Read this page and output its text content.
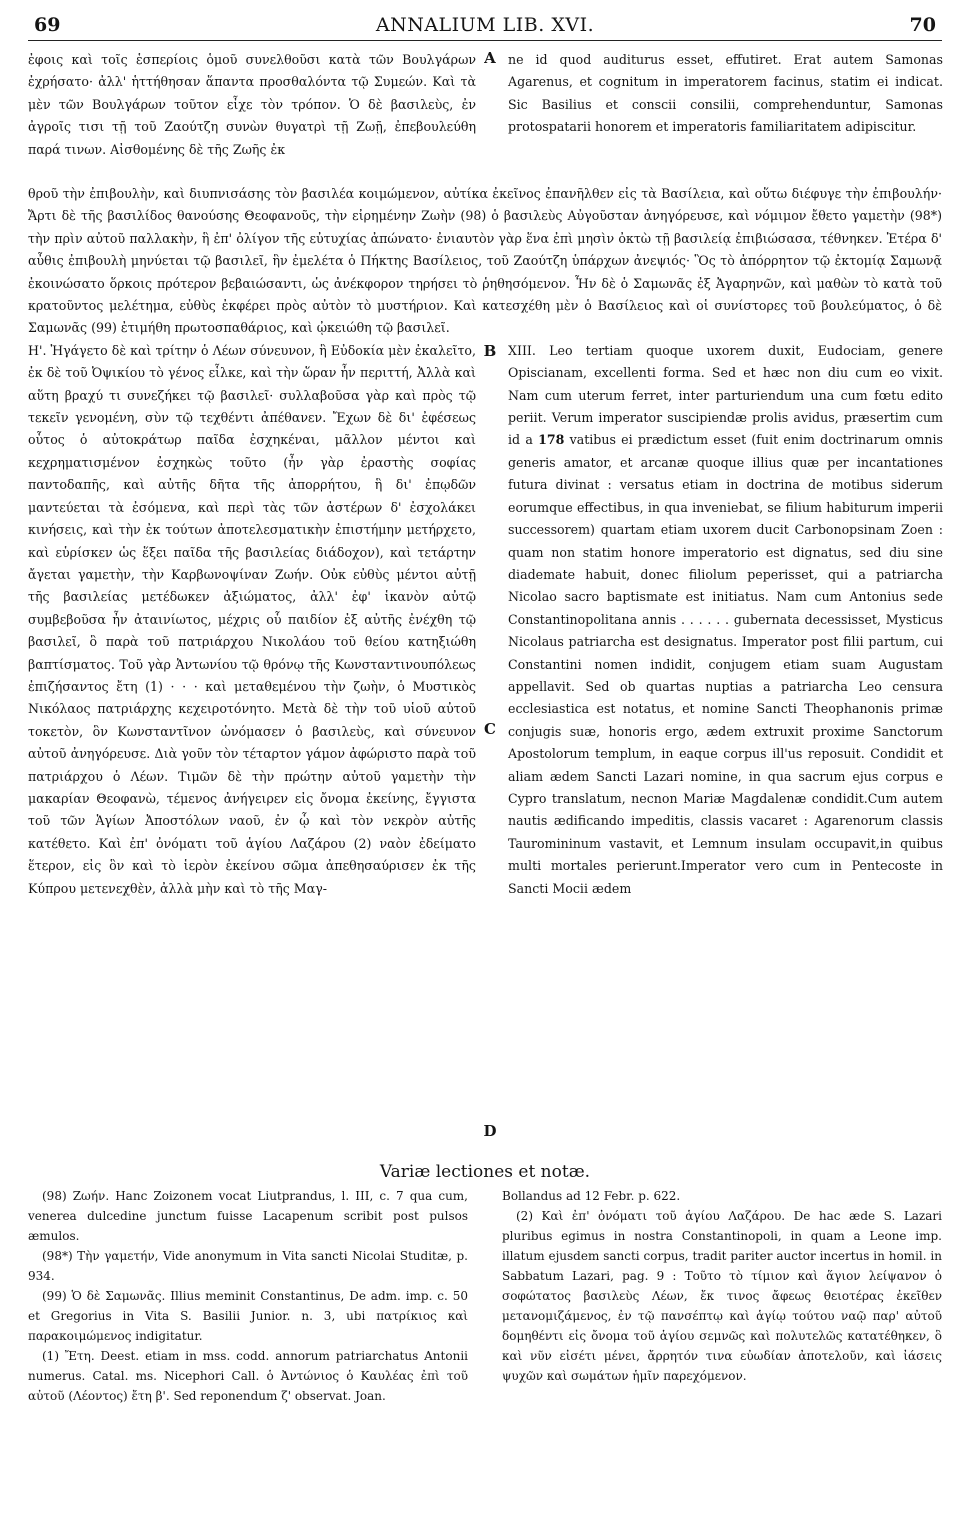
69	ANNALIUM LIB. XVI.	70

ἐφοις καὶ τοῖς ἑσπερίοις ὁμοῦ συνελθοῦσι κατὰ τῶν Βουλγάρων ἐχρήσατο· ἀλλ' ἡττήθησαν ἅπαντα προσθαλόντα τῷ Συμεών. Καὶ τὰ μὲν τῶν Βουλγάρων τοῦτον εἶχε τὸν τρόπον. Ὁ δὲ βασιλεὺς, ἐν ἀγροῖς τισι τῇ τοῦ Ζαούτζη συνὼν θυγατρὶ τῇ Ζωῇ, ἐπεβουλεύθη παρά τινων. Αἰσθομένης δὲ τῆς Ζωῆς ἐκ

A ne id quod auditurus esset, effutiret. Erat autem Samonas Agarenus, et cognitum in imperatorem facinus, statim ei indicat. Sic Basilius et conscii consilii, comprehenduntur, Samonas protospatarii honorem et imperatoris familiaritatem adipiscitur.

θροῦ τὴν ἐπιβουλὴν, καὶ διυπνισάσης τὸν βασιλέα κοιμώμενον, αὐτίκα ἐκεῖνος ἐπανῆλθεν εἰς τὰ Βασίλεια, καὶ οὕτω διέφυγε τὴν ἐπιβουλήν· Ἄρτι δὲ τῆς βασιλίδος θανούσης Θεοφανοῦς, τὴν εἰρημένην Ζωὴν (98) ὁ βασιλεὺς Αὐγοῦσταν ἀνηγόρευσε, καὶ νόμιμον ἔθετο γαμετὴν (98*) τὴν πρὶν αὐτοῦ παλλακὴν, ἣ ἐπ' ὀλίγον τῆς εὐτυχίας ἀπώνατο· ἐνιαυτὸν γὰρ ἕνα ἐπὶ μησὶν ὀκτὼ τῇ βασιλείᾳ ἐπιβιώσασα, τέθνηκεν. Ἑτέρα δ' αὖθις ἐπιβουλὴ μηνύεται τῷ βασιλεῖ, ἣν ἐμελέτα ὁ Πήκτης Βασίλειος, τοῦ Ζαούτζη ὑπάρχων ἀνεψιός· Ὃς τὸ ἀπόρρητον τῷ ἐκτομίᾳ Σαμωνᾷ ἐκοινώσατο ὅρκοις πρότερον βεβαιώσαντι, ὡς ἀνέκφορον τηρήσει τὸ ῥηθησόμενον. Ἦν δὲ ὁ Σαμωνᾶς ἐξ Ἀγαρηνῶν, καὶ μαθὼν τὸ κατὰ τοῦ κρατοῦντος μελέτημα, εὐθὺς ἐκφέρει πρὸς αὐτὸν τὸ μυστήριον. Καὶ κατεσχέθη μὲν ὁ Βασίλειος καὶ οἱ συνίστορες τοῦ βουλεύματος, ὁ δὲ Σαμωνᾶς (99) ἐτιμήθη πρωτοσπαθάριος, καὶ ᾠκειώθη τῷ βασιλεῖ.

Η'. Ἠγάγετο δὲ καὶ τρίτην ὁ Λέων σύνευνον, ἣ Εὐδοκία μὲν ἐκαλεῖτο, ἐκ δὲ τοῦ Ὀψικίου τὸ γένος εἷλκε, καὶ τὴν ὥραν ἦν περιττή, Ἀλλὰ καὶ αὕτη βραχύ τι συνεζήκει τῷ βασιλεῖ· συλλαβοῦσα γὰρ καὶ πρὸς τῷ τεκεῖν γενομένη, σὺν τῷ τεχθέντι ἀπέθανεν. Ἔχων δὲ δι' ἐφέσεως οὗτος ὁ αὐτοκράτωρ παῖδα ἐσχηκέναι, μᾶλλον μέντοι καὶ κεχρηματισμένον ἐσχηκὼς τοῦτο (ἦν γὰρ ἐραστὴς σοφίας παντοδαπῆς, καὶ αὐτῆς δῆτα τῆς ἀπορρήτου, ἣ δι' ἐπῳδῶν μαντεύεται τὰ ἐσόμενα, καὶ περὶ τὰς τῶν ἀστέρων δ' ἐσχολάκει κινήσεις, καὶ τὴν ἐκ τούτων ἀποτελεσματικὴν ἐπιστήμην μετήρχετο, καὶ εὑρίσκεν ὡς ἕξει παῖδα τῆς βασιλείας διάδοχον), καὶ τετάρτην ἄγεται γαμετὴν, τὴν Καρβωνοψίναν Ζωήν. Οὐκ εὐθὺς μέντοι αὐτῇ τῆς βασιλείας μετέδωκεν ἀξιώματος, ἀλλ' ἐφ' ἱκανὸν αὐτῷ συμβεβοῦσα ἦν ἀταινίωτος, μέχρις οὗ παιδίον ἐξ αὐτῆς ἐνέχθη τῷ βασιλεῖ, ὃ παρὰ τοῦ πατριάρχου Νικολάου τοῦ θείου κατηξιώθη βαπτίσματος. Τοῦ γὰρ Ἀντωνίου τῷ θρόνῳ τῆς Κωνσταντινουπόλεως ἐπιζήσαντος ἔτη (1) · · · καὶ μεταθεμένου τὴν ζωὴν, ὁ Μυστικὸς Νικόλαος πατριάρχης κεχειροτόνητο. Μετὰ δὲ τὴν τοῦ υἱοῦ αὐτοῦ τοκετὸν, ὃν Κωνσταντῖνον ὠνόμασεν ὁ βασιλεὺς, καὶ σύνευνον αὐτοῦ ἀνηγόρευσε. Διὰ γοῦν τὸν τέταρτον γάμον ἀφώριστο παρὰ τοῦ πατριάρχου ὁ Λέων. Τιμῶν δὲ τὴν πρώτην αὐτοῦ γαμετὴν τὴν μακαρίαν Θεοφανὼ, τέμενος ἀνήγειρεν εἰς ὄνομα ἐκείνης, ἔγγιστα τοῦ τῶν Ἁγίων Ἀποστόλων ναοῦ, ἐν ᾧ καὶ τὸν νεκρὸν αὐτῆς κατέθετο. Καὶ ἐπ' ὀνόματι τοῦ ἁγίου Λαζάρου (2) ναὸν ἐδείματο ἕτερον, εἰς ὃν καὶ τὸ ἱερὸν ἐκείνου σῶμα ἀπεθησαύρισεν ἐκ τῆς Κύπρου μετενεχθὲν, ἀλλὰ μὴν καὶ τὸ τῆς Μαγ-

B
C
D

XIII. Leo tertiam quoque uxorem duxit, Eudociam, genere Opiscianam, excellenti forma. Sed et hæc non diu cum eo vixit. Nam cum uterum ferret, inter parturiendum una cum fœtu edito periit. Verum imperator suscipiendæ prolis avidus, præsertim cum id a 178 vatibus ei prædictum esset (fuit enim doctrinarum omnis generis amator, et arcanæ quoque illius quæ per incantationes futura divinat : versatus etiam in doctrina de motibus siderum eorumque effectibus, in qua inveniebat, se filium habiturum imperii successorem) quartam etiam uxorem ducit Carbonopsinam Zoen : quam non statim honore imperatorio est dignatus, sed diu sine diademate habuit, donec filiolum peperisset, qui a patriarcha Nicolao sacro baptismate est initiatus. Nam cum Antonius sede Constantinopolitana annis . . . . . . gubernata decessisset, Mysticus Nicolaus patriarcha est designatus. Imperator post filii partum, cui Constantini nomen indidit, conjugem etiam suam Augustam appellavit. Sed ob quartas nuptias a patriarcha Leo censura ecclesiastica est notatus, et nomine Sancti Theophanonis primæ conjugis suæ, honoris ergo, ædem extruxit proxime Sanctorum Apostolorum templum, in eaque corpus ill'us reposuit. Condidit et aliam ædem Sancti Lazari nomine, in qua sacrum ejus corpus e Cypro translatum, necnon Mariæ Magdalenæ condidit.Cum autem nautis ædificando impeditis, classis vacaret : Agarenorum classis Tauromininum vastavit, et Lemnum insulam occupavit,in quibus multi mortales perierunt.Imperator vero cum in Pentecoste in Sancti Mocii ædem

Variæ lectiones et notæ.

(98) Ζωήν. Hanc Zoizonem vocat Liutprandus, l. III, c. 7 qua cum, venerea dulcedine junctum fuisse Lacapenum scribit post pulsos æmulos.

(98*) Τὴν γαμετήν, Vide anonymum in Vita sancti Nicolai Studitæ, p. 934.

(99) Ὁ δὲ Σαμωνᾶς. Illius meminit Constantinus, De adm. imp. c. 50 et Gregorius in Vita S. Basilii Junior. n. 3, ubi πατρίκιος καὶ παρακοιμώμενος indigitatur.

(1) Ἔτη. Deest. etiam in mss. codd. annorum patriarchatus Antonii numerus. Catal. ms. Nicephori Call. ὁ Ἀντώνιος ὁ Καυλέας ἐπὶ τοῦ αὐτοῦ (Λέοντος) ἔτη β'. Sed reponendum ζ' observat. Joan.

Bollandus ad 12 Febr. p. 622.

(2) Καὶ ἐπ' ὀνόματι τοῦ ἁγίου Λαζάρου. De hac æde S. Lazari pluribus egimus in nostra Constantinopoli, in quam a Leone imp. illatum ejusdem sancti corpus, tradit pariter auctor incertus in homil. in Sabbatum Lazari, pag. 9 : Τοῦτο τὸ τίμιον καὶ ἅγιον λείψανον ὁ σοφώτατος βασιλεὺς Λέων, ἔκ τινος ἄφεως θειοτέρας ἐκεῖθεν μετανομιζάμενος, ἐν τῷ πανσέπτῳ καὶ ἁγίῳ τούτου ναῷ παρ' αὐτοῦ δομηθέντι εἰς ὄνομα τοῦ ἁγίου σεμνῶς καὶ πολυτελῶς κατατέθηκεν, ὃ καὶ νῦν εἰσέτι μένει, ἄρρητόν τινα εὐωδίαν ἀποτελοῦν, καὶ ἰάσεις ψυχῶν καὶ σωμάτων ἡμῖν παρεχόμενον.
